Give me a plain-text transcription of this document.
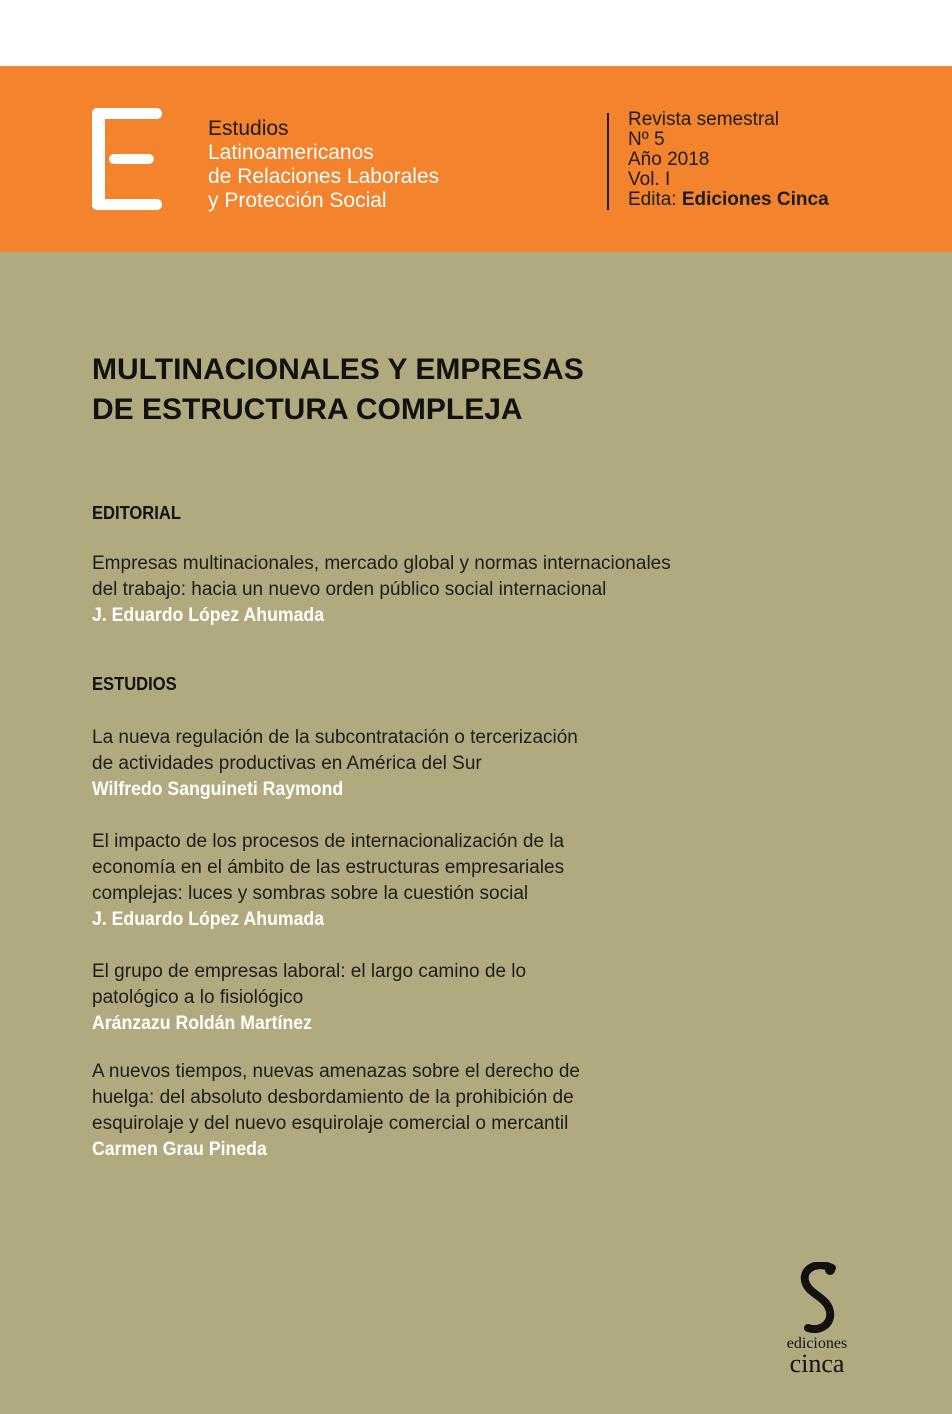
Estudios
Latinoamericanos
de Relaciones Laborales
y Protección Social
Revista semestral
Nº 5
Año 2018
Vol. I
Edita: Ediciones Cinca
MULTINACIONALES Y EMPRESAS
DE ESTRUCTURA COMPLEJA
EDITORIAL
Empresas multinacionales, mercado global y normas internacionales
del trabajo: hacia un nuevo orden público social internacional
J. Eduardo López Ahumada
ESTUDIOS
La nueva regulación de la subcontratación o tercerización
de actividades productivas en América del Sur
Wilfredo Sanguineti Raymond
El impacto de los procesos de internacionalización de la
economía en el ámbito de las estructuras empresariales
complejas: luces y sombras sobre la cuestión social
J. Eduardo López Ahumada
El grupo de empresas laboral: el largo camino de lo
patológico a lo fisiológico
Aránzazu Roldán Martínez
A nuevos tiempos, nuevas amenazas sobre el derecho de
huelga: del absoluto desbordamiento de la prohibición de
esquirolaje y del nuevo esquirolaje comercial o mercantil
Carmen Grau Pineda
ediciones
cinca
